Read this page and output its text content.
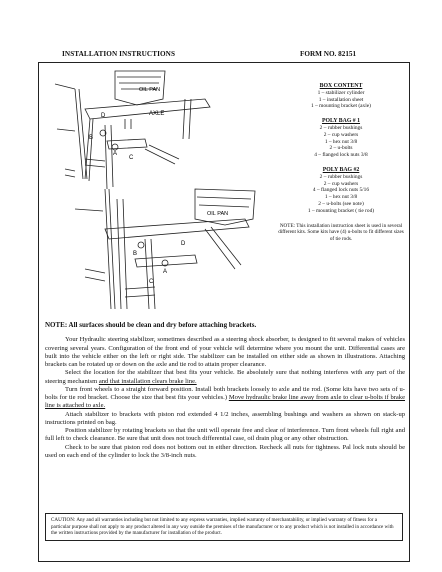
INSTALLATION INSTRUCTIONS	FORM NO. 82151
OIL PAN
AXLE
D
A
B
C
OIL PAN
D
A
B
C
BOX CONTENT
1 – stabilizer cylinder
1 – installation sheet
1 – mounting bracket (axle)
POLY BAG # 1
2 – rubber bushings
2 – cup washers
1 – hex nut 3/8
2 – u-bolts
4 – flanged lock nuts 3/8
POLY BAG #2
2 – rubber bushings
2 – cup washers
4 – flanged lock nuts 5/16
1 – hex nut 3/8
2 – u-bolts (see note)
1 – mounting bracket ( tie rod)
NOTE: This installation instruction sheet is used in several different kits. Some kits have (4) u-bolts to fit different sizes of tie rods.
NOTE: All surfaces should be clean and dry before attaching brackets.

Your Hydraulic steering stabilizer, sometimes described as a steering shock absorber, is designed to fit several makes of vehicles covering several years. Configuration of the front end of your vehicle will determine where you mount the unit. Differential cases are built into the vehicle either on the left or right side. The stabilizer can be installed on either side as shown in illustrations. Attaching brackets can be rotated up or down on the axle and tie rod to attain proper clearance.

Select the location for the stabilizer that best fits your vehicle. Be absolutely sure that nothing interferes with any part of the steering mechanism and that installation clears brake line.

Turn front wheels to a straight forward position. Install both brackets loosely to axle and tie rod. (Some kits have two sets of u-bolts for tie rod bracket. Choose the size that best fits your vehicles.) Move hydraulic brake line away from axle to clear u-bolts if brake line is attached to axle.

Attach stabilizer to brackets with piston rod extended 4 1/2 inches, assembling bushings and washers as shown on stack-up instructions printed on bag.

Position stabilizer by rotating brackets so that the unit will operate free and clear of interference. Turn front wheels full right and full left to check clearance. Be sure that unit does not touch differential case, oil drain plug or any other obstruction.

Check to be sure that piston rod does not bottom out in either direction. Recheck all nuts for tightness. Pal lock nuts should be used on each end of the cylinder to lock the 3/8-inch nuts.

CAUTION: Any and all warranties including but not limited to any express warranties, implied warranty of merchantability, or implied warranty of fitness for a particular purpose shall not apply to any product altered in any way outside the premises of the manufacturer or to any product which is not installed in accordance with the written instructions provided by the manufacturer for installation of the product.
